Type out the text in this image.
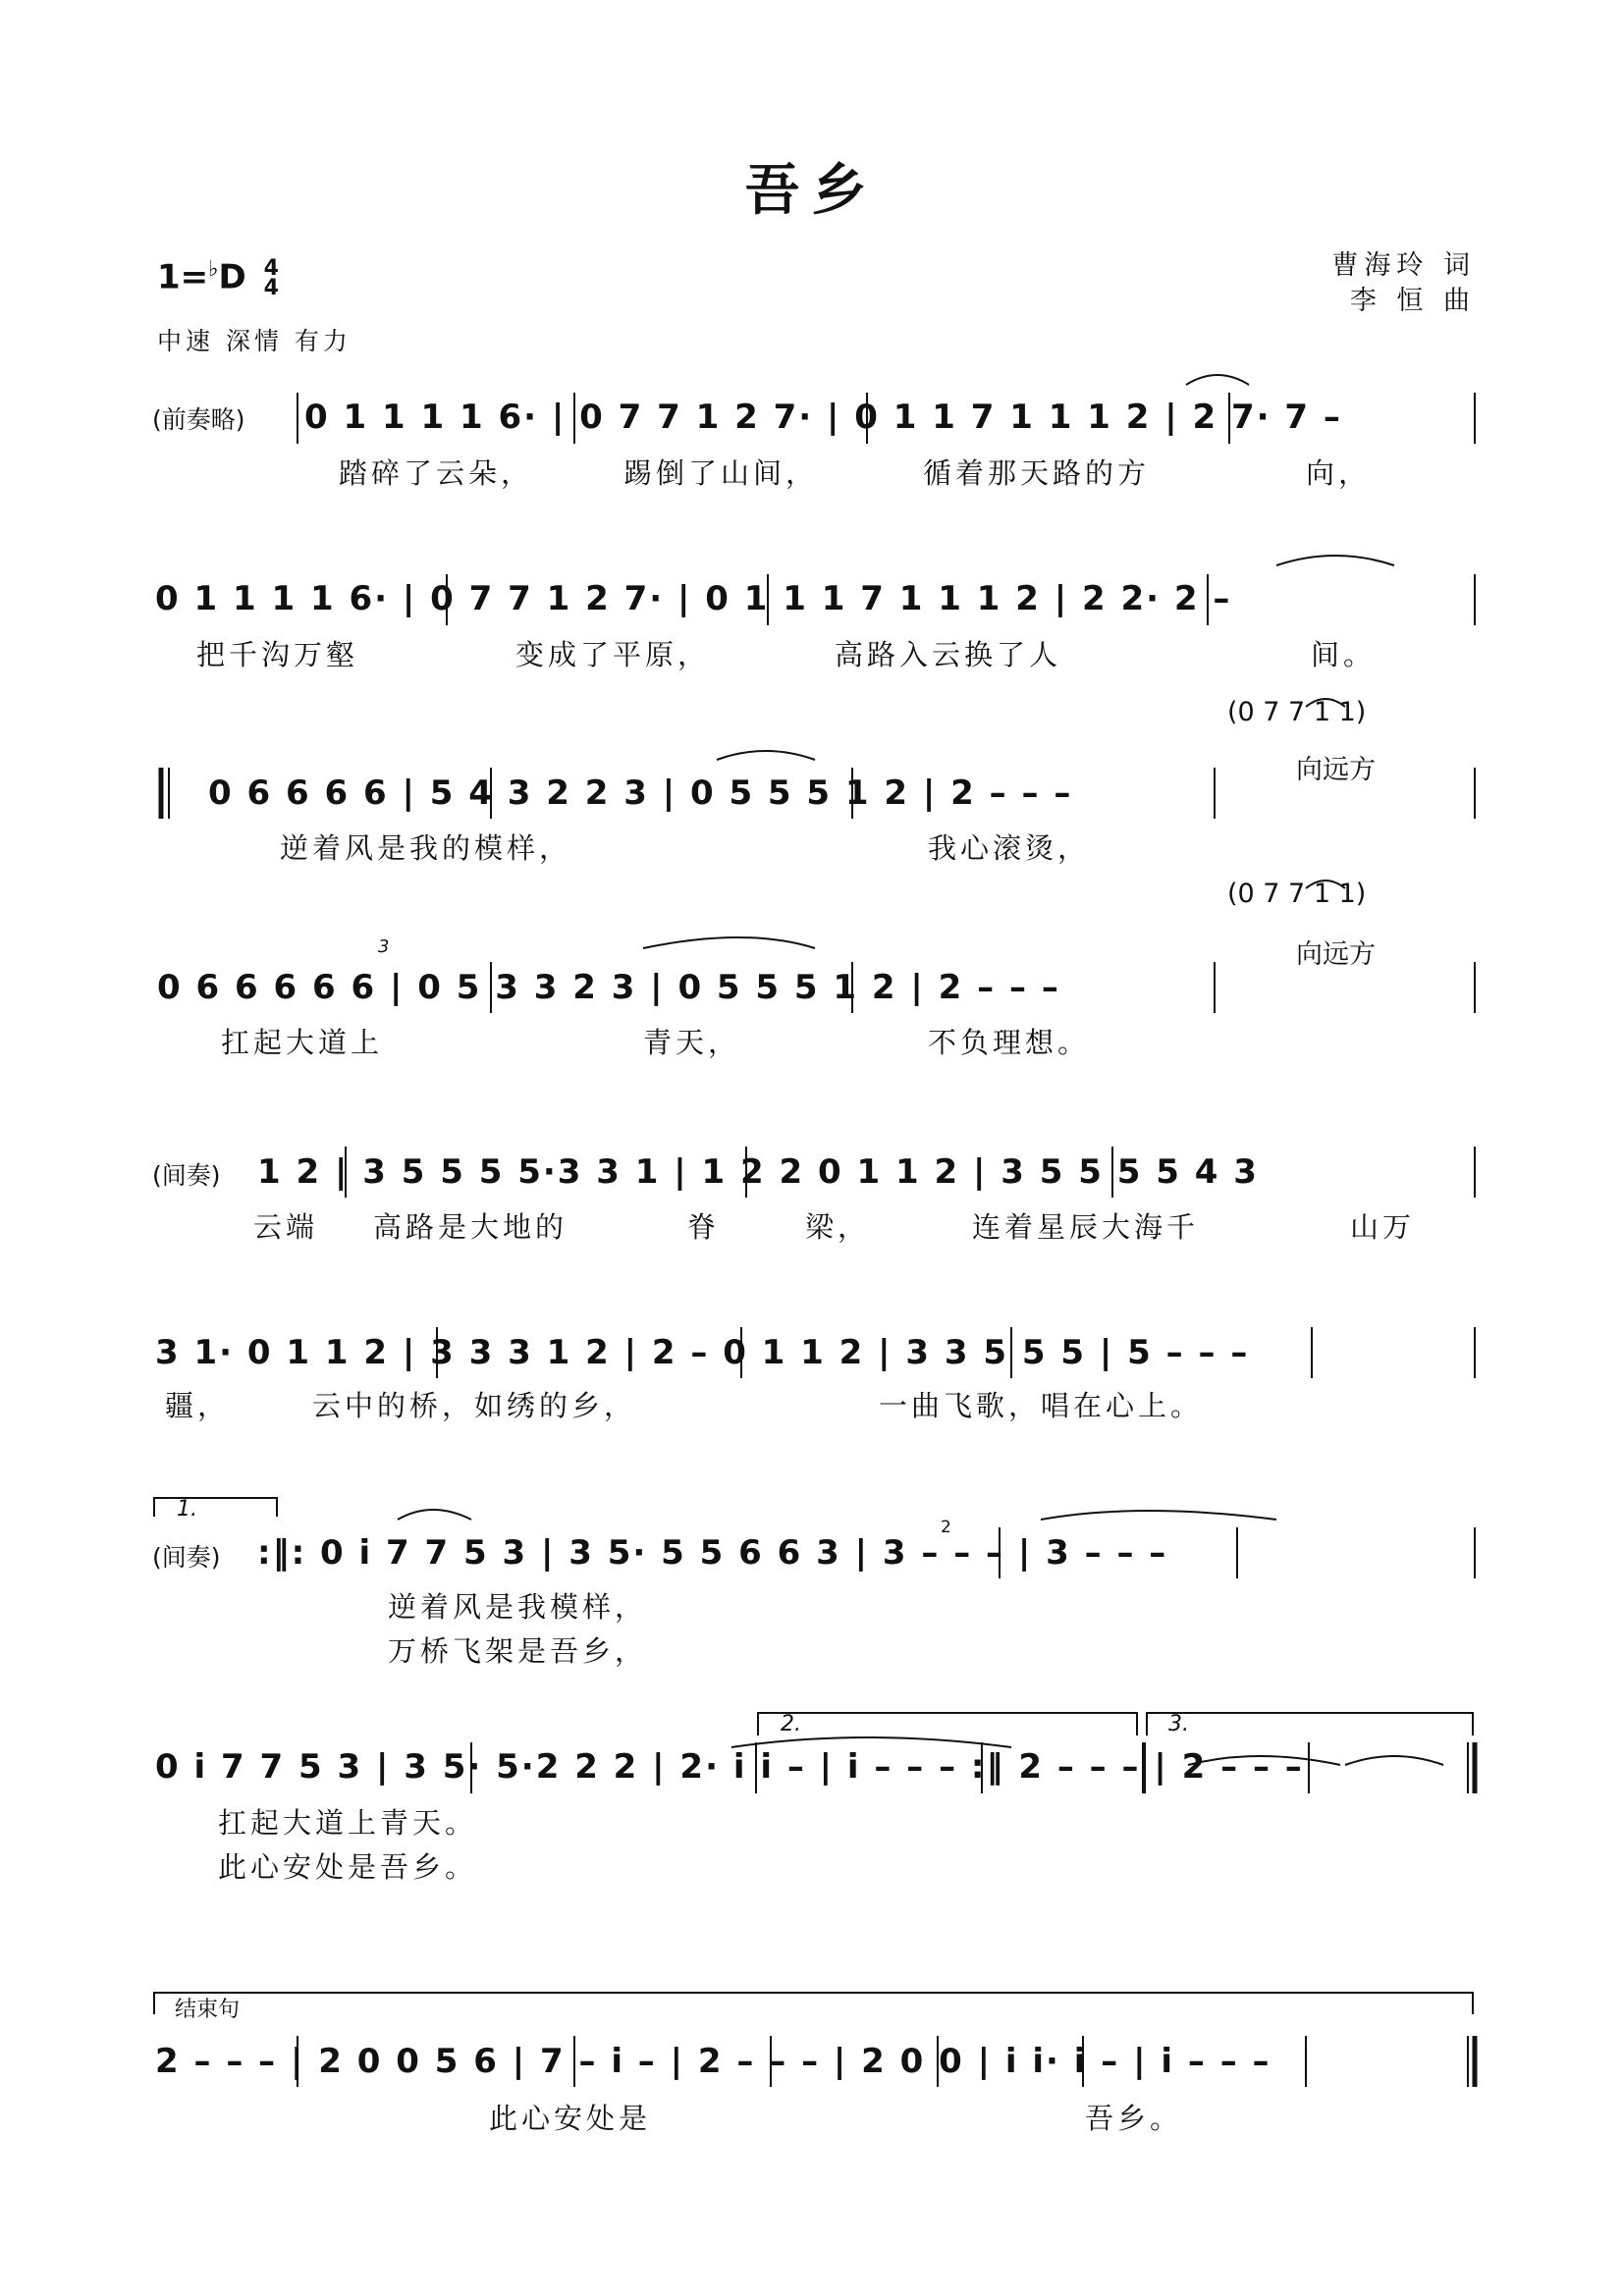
吾乡
1=♭D 4
4
中速 深情 有力
曹海玲 词
李 恒 曲
(前奏略)
(间奏)
(间奏)
1.
2.	3.
结束句
0 1 1 1 1 6· | 0 7 7 1 2 7· | 0 1 1 7 1 1 1 2 | 2 7· 7 –
踏碎了云朵，	踢倒了山间，	循着那天路的方	向，
0 1 1 1 1 6· | 0 7 7 1 2 7· | 0 1 1 1 7 1 1 1 2 | 2 2· 2 –
把千沟万壑	变成了平原，	高路入云换了人	间。
(0 7 7 1 1)
向远方
0 6 6 6 6 | 5 4 3 2 2 3 | 0 5 5 5 1 2 | 2 – – –
逆着风是我的模样，	我心滚烫，
(0 7 7 1 1)
向远方
3
0 6 6 6 6 6 | 0 5 3 3 2 3 | 0 5 5 5 1 2 | 2 – – –
扛起大道上	青天，	不负理想。
1 2 | 3 5 5 5 5·3 3 1 | 1 2 2 0 1 1 2 | 3 5 5 5 5 4 3
云端 高路是大地的	脊	梁，	连着星辰大海千	山万
3 1· 0 1 1 2 | 3 3 3 1 2 | 2 – 0 1 1 2 | 3 3 5 5 5 | 5 – – –
疆，	云中的桥，如绣的乡，	一曲飞歌，唱在心上。
2
:‖: 0 i 7 7 5 3 | 3 5· 5 5 6 6 3 | 3 – – – | 3 – – –
逆着风是我模样，
万桥飞架是吾乡，
0 i 7 7 5 3 | 3 5· 5·2 2 2 | 2· i i – | i – – – :‖ 2 – – – | 2 – – –
扛起大道上青天。
此心安处是吾乡。
2 – – – | 2 0 0 5 6 | 7 – i – | 2 – – – | 2 0 0 | i i· i – | i – – –
此心安处是	吾乡。
